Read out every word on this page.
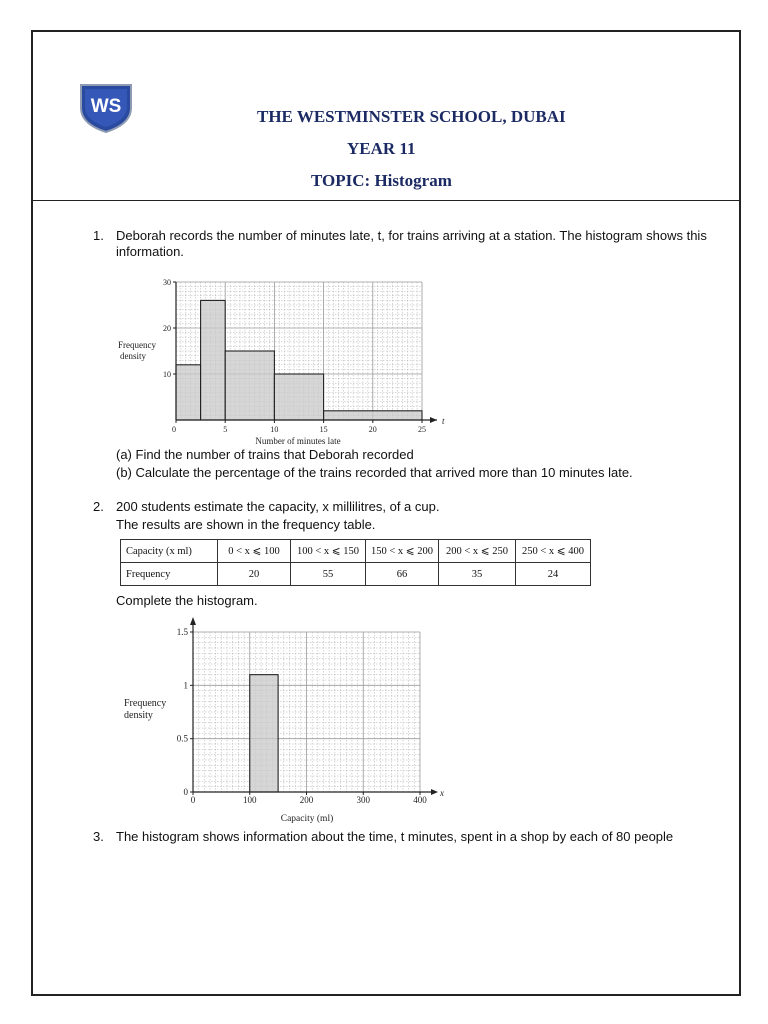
WS	THE WESTMINSTER SCHOOL, DUBAI
YEAR 11
TOPIC: Histogram
1. Deborah records the number of minutes late, t, for trains arriving at a station. The histogram shows this
information.
0	5	10	15	20	25
10
20
30
t
Frequency
density
Number of minutes late
(a) Find the number of trains that Deborah recorded
(b) Calculate the percentage of the trains recorded that arrived more than 10 minutes late.
2. 200 students estimate the capacity, x millilitres, of a cup.
The results are shown in the frequency table.
Capacity (x ml)	0 < x ⩽ 100	100 < x ⩽ 150	150 < x ⩽ 200	200 < x ⩽ 250	250 < x ⩽ 400
Frequency	20	55	66	35	24
Complete the histogram.
0	100	200	300	400
0
0.5
1
1.5
x
Frequency
density
Capacity (ml)
3. The histogram shows information about the time, t minutes, spent in a shop by each of 80 people
